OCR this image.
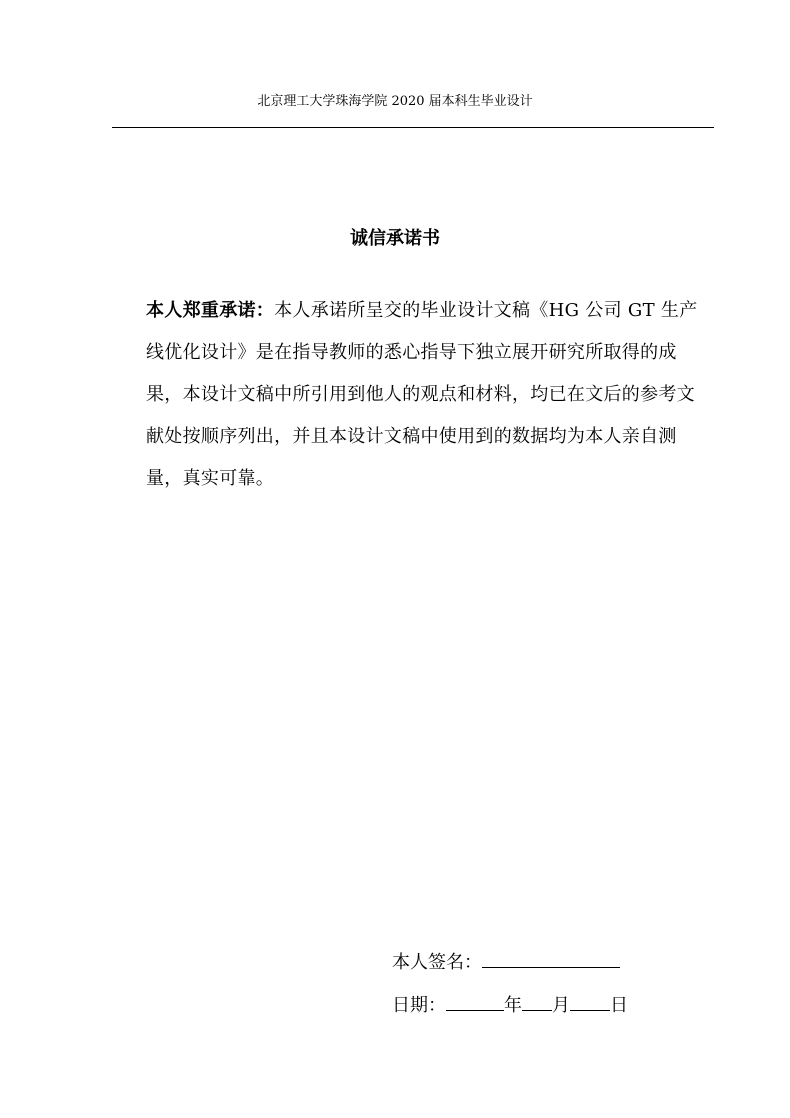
北京理工大学珠海学院 2020 届本科生毕业设计
诚信承诺书

本人郑重承诺：本人承诺所呈交的毕业设计文稿《HG 公司 GT 生产线优化设计》是在指导教师的悉心指导下独立展开研究所取得的成果，本设计文稿中所引用到他人的观点和材料，均已在文后的参考文献处按顺序列出，并且本设计文稿中使用到的数据均为本人亲自测量，真实可靠。

本人签名：
日期：	年 月 日
